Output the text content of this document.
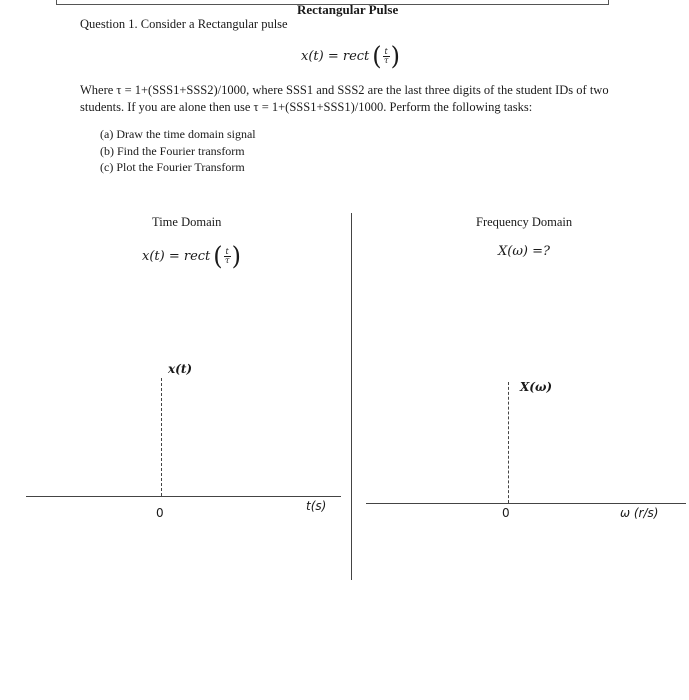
Rectangular Pulse
Question 1. Consider a Rectangular pulse
x(t) = rect ( $\frac{t}{\tau}$ )
Where τ = 1+(SSS1+SSS2)/1000, where SSS1 and SSS2 are the last three digits of the student IDs of two students. If you are alone then use τ = 1+(SSS1+SSS1)/1000. Perform the following tasks:
(a) Draw the time domain signal
(b) Find the Fourier transform
(c) Plot the Fourier Transform
Time Domain
x(t) = rect ( $\frac{t}{\tau}$ )
x(t)
0	t(s)
Frequency Domain
X(ω) =?
X(ω)
0	ω (r/s)
